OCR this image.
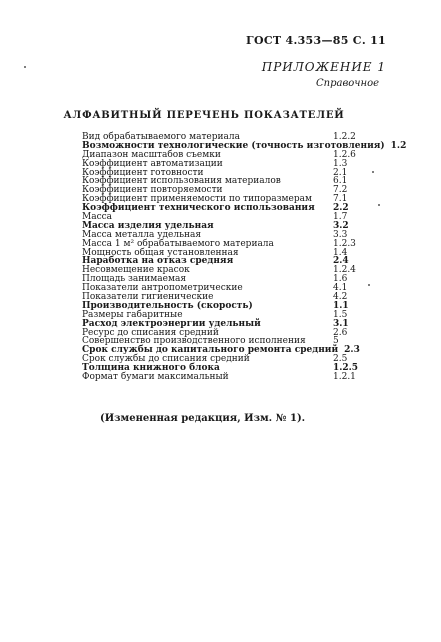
ГОСТ 4.353—85 С. 11
ПРИЛОЖЕНИЕ 1
Справочное
АЛФАВИТНЫЙ ПЕРЕЧЕНЬ ПОКАЗАТЕЛЕЙ
Вид обрабатываемого материала	1.2.2
Возможности технологические (точность изготовления) 1.2
Диапазон масштабов съемки	1.2.6
Коэффициент автоматизации	1.3
Коэффициент готовности	2.1
Коэффициент использования материалов	6.1
Коэффициент повторяемости	7.2
Коэффициент применяемости по типоразмерам	7.1
Коэффициент технического использования	2.2
Масса	1.7
Масса изделия удельная	3.2
Масса металла удельная	3.3
Масса 1 м² обрабатываемого материала	1.2.3
Мощность общая установленная	1.4
Наработка на отказ средняя	2.4
Несовмещение красок	1.2.4
Площадь занимаемая	1.6
Показатели антропометрические	4.1
Показатели гигиенические	4.2
Производительность (скорость)	1.1
Размеры габаритные	1.5
Расход электроэнергии удельный	3.1
Ресурс до списания средний	2.6
Совершенство производственного исполнения	5
Срок службы до капитального ремонта средний 2.3
Срок службы до списания средний	2.5
Толщина книжного блока	1.2.5
Формат бумаги максимальный	1.2.1
(Измененная редакция, Изм. № 1).
